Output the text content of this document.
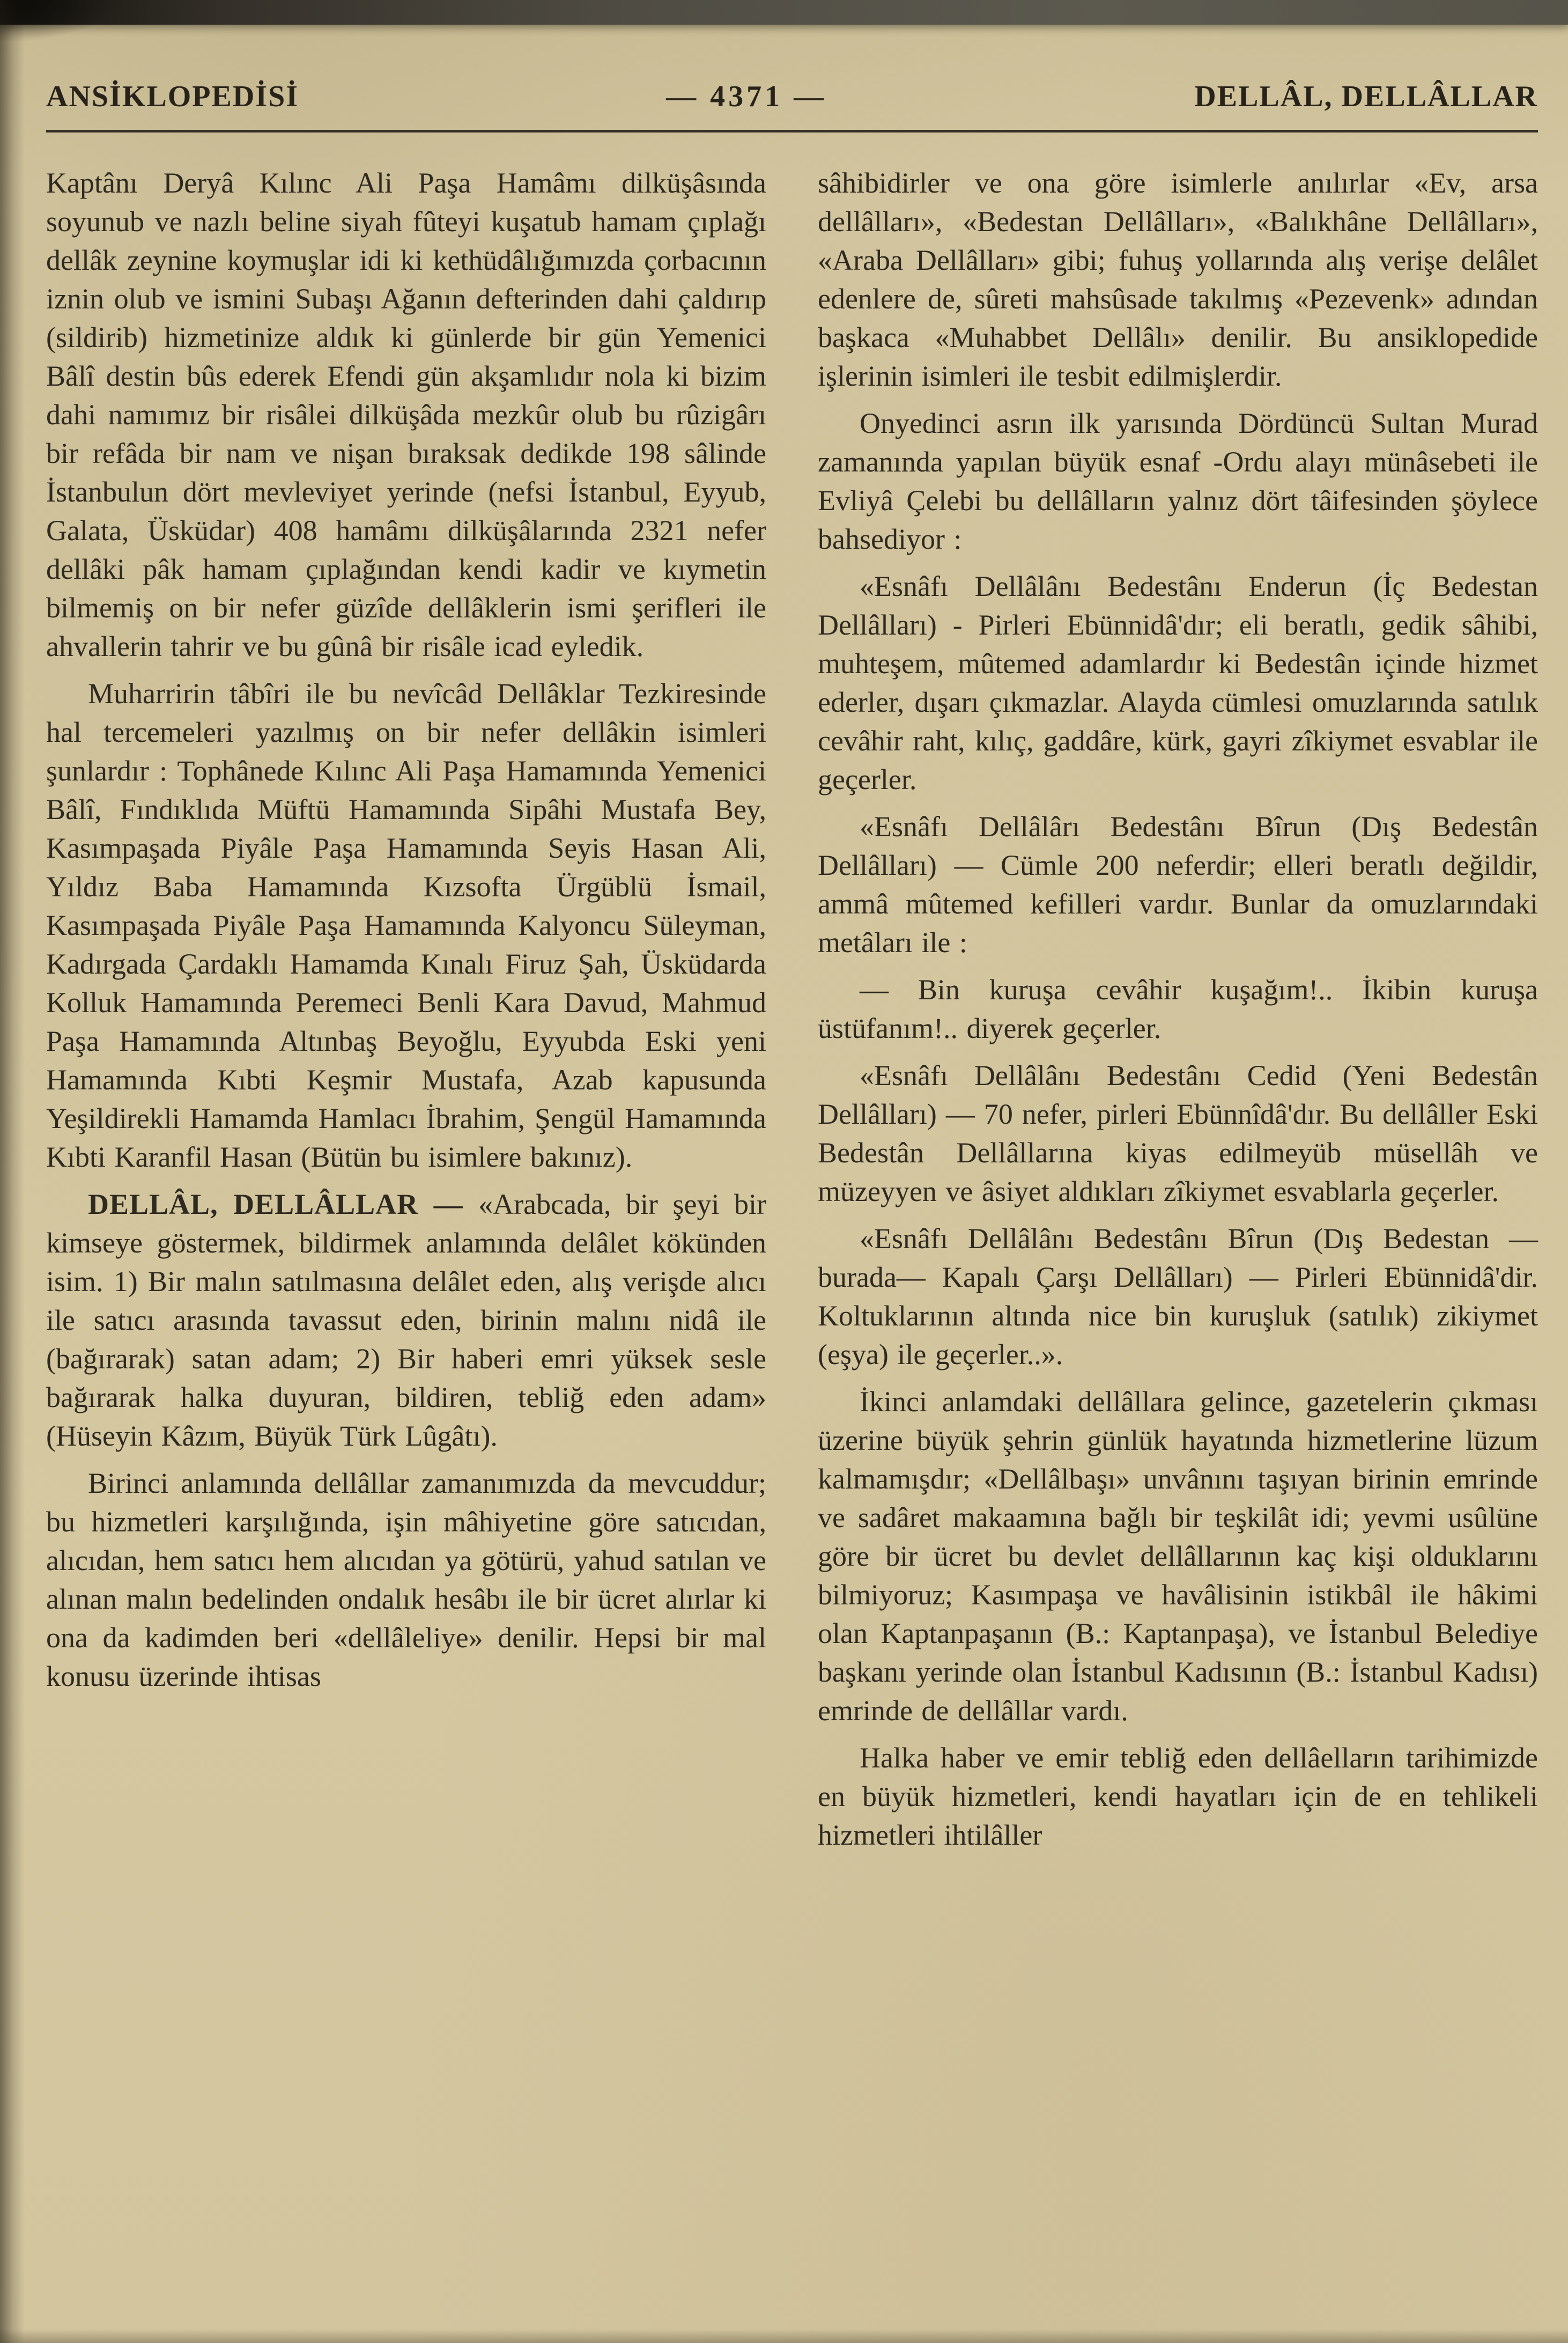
ANSİKLOPEDİSİ	— 4371 —	DELLÂL, DELLÂLLAR

Kaptânı Deryâ Kılınc Ali Paşa Hamâmı dilküşâsında soyunub ve nazlı beline siyah fûteyi kuşatub hamam çıplağı dellâk zeynine koymuşlar idi ki kethüdâlığımızda çorbacının iznin olub ve ismini Subaşı Ağanın defterinden dahi çaldırıp (sildirib) hizmetinize aldık ki günlerde bir gün Yemenici Bâlî destin bûs ederek Efendi gün akşamlıdır nola ki bizim dahi namımız bir risâlei dilküşâda mezkûr olub bu rûzigârı bir refâda bir nam ve nişan bıraksak dedikde 198 sâlinde İstanbulun dört mevleviyet yerinde (nefsi İstanbul, Eyyub, Galata, Üsküdar) 408 hamâmı dilküşâlarında 2321 nefer dellâki pâk hamam çıplağından kendi kadir ve kıymetin bilmemiş on bir nefer güzîde dellâklerin ismi şerifleri ile ahvallerin tahrir ve bu gûnâ bir risâle icad eyledik.

Muharririn tâbîri ile bu nevîcâd Dellâklar Tezkiresinde hal tercemeleri yazılmış on bir nefer dellâkin isimleri şunlardır : Tophânede Kılınc Ali Paşa Hamamında Yemenici Bâlî, Fındıklıda Müftü Hamamında Sipâhi Mustafa Bey, Kasımpaşada Piyâle Paşa Hamamında Seyis Hasan Ali, Yıldız Baba Hamamında Kızsofta Ürgüblü İsmail, Kasımpaşada Piyâle Paşa Hamamında Kalyoncu Süleyman, Kadırgada Çardaklı Hamamda Kınalı Firuz Şah, Üsküdarda Kolluk Hamamında Peremeci Benli Kara Davud, Mahmud Paşa Hamamında Altınbaş Beyoğlu, Eyyubda Eski yeni Hamamında Kıbti Keşmir Mustafa, Azab kapusunda Yeşildirekli Hamamda Hamlacı İbrahim, Şengül Hamamında Kıbti Karanfil Hasan (Bütün bu isimlere bakınız).

DELLÂL, DELLÂLLAR — «Arabcada, bir şeyi bir kimseye göstermek, bildirmek anlamında delâlet kökünden isim. 1) Bir malın satılmasına delâlet eden, alış verişde alıcı ile satıcı arasında tavassut eden, birinin malını nidâ ile (bağırarak) satan adam; 2) Bir haberi emri yüksek sesle bağırarak halka duyuran, bildiren, tebliğ eden adam» (Hüseyin Kâzım, Büyük Türk Lûgâtı).

Birinci anlamında dellâllar zamanımızda da mevcuddur; bu hizmetleri karşılığında, işin mâhiyetine göre satıcıdan, alıcıdan, hem satıcı hem alıcıdan ya götürü, yahud satılan ve alınan malın bedelinden ondalık hesâbı ile bir ücret alırlar ki ona da kadimden beri «dellâleliye» denilir. Hepsi bir mal konusu üzerinde ihtisas

sâhibidirler ve ona göre isimlerle anılırlar «Ev, arsa dellâlları», «Bedestan Dellâlları», «Balıkhâne Dellâlları», «Araba Dellâlları» gibi; fuhuş yollarında alış verişe delâlet edenlere de, sûreti mahsûsade takılmış «Pezevenk» adından başkaca «Muhabbet Dellâlı» denilir. Bu ansiklopedide işlerinin isimleri ile tesbit edilmişlerdir.

Onyedinci asrın ilk yarısında Dördüncü Sultan Murad zamanında yapılan büyük esnaf -Ordu alayı münâsebeti ile Evliyâ Çelebi bu dellâlların yalnız dört tâifesinden şöylece bahsediyor :

«Esnâfı Dellâlânı Bedestânı Enderun (İç Bedestan Dellâlları) - Pirleri Ebünnidâ'dır; eli beratlı, gedik sâhibi, muhteşem, mûtemed adamlardır ki Bedestân içinde hizmet ederler, dışarı çıkmazlar. Alayda cümlesi omuzlarında satılık cevâhir raht, kılıç, gaddâre, kürk, gayri zîkiymet esvablar ile geçerler.

«Esnâfı Dellâlârı Bedestânı Bîrun (Dış Bedestân Dellâlları) — Cümle 200 neferdir; elleri beratlı değildir, ammâ mûtemed kefilleri vardır. Bunlar da omuzlarındaki metâları ile :

— Bin kuruşa cevâhir kuşağım!.. İkibin kuruşa üstüfanım!.. diyerek geçerler.

«Esnâfı Dellâlânı Bedestânı Cedid (Yeni Bedestân Dellâlları) — 70 nefer, pirleri Ebünnîdâ'dır. Bu dellâller Eski Bedestân Dellâllarına kiyas edilmeyüb müsellâh ve müzeyyen ve âsiyet aldıkları zîkiymet esvablarla geçerler.

«Esnâfı Dellâlânı Bedestânı Bîrun (Dış Bedestan —burada— Kapalı Çarşı Dellâlları) — Pirleri Ebünnidâ'dir. Koltuklarının altında nice bin kuruşluk (satılık) zikiymet (eşya) ile geçerler..».

İkinci anlamdaki dellâllara gelince, gazetelerin çıkması üzerine büyük şehrin günlük hayatında hizmetlerine lüzum kalmamışdır; «Dellâlbaşı» unvânını taşıyan birinin emrinde ve sadâret makaamına bağlı bir teşkilât idi; yevmi usûlüne göre bir ücret bu devlet dellâllarının kaç kişi olduklarını bilmiyoruz; Kasımpaşa ve havâlisinin istikbâl ile hâkimi olan Kaptanpaşanın (B.: Kaptanpaşa), ve İstanbul Belediye başkanı yerinde olan İstanbul Kadısının (B.: İstanbul Kadısı) emrinde de dellâllar vardı.

Halka haber ve emir tebliğ eden dellâelların tarihimizde en büyük hizmetleri, kendi hayatları için de en tehlikeli hizmetleri ihtilâller
